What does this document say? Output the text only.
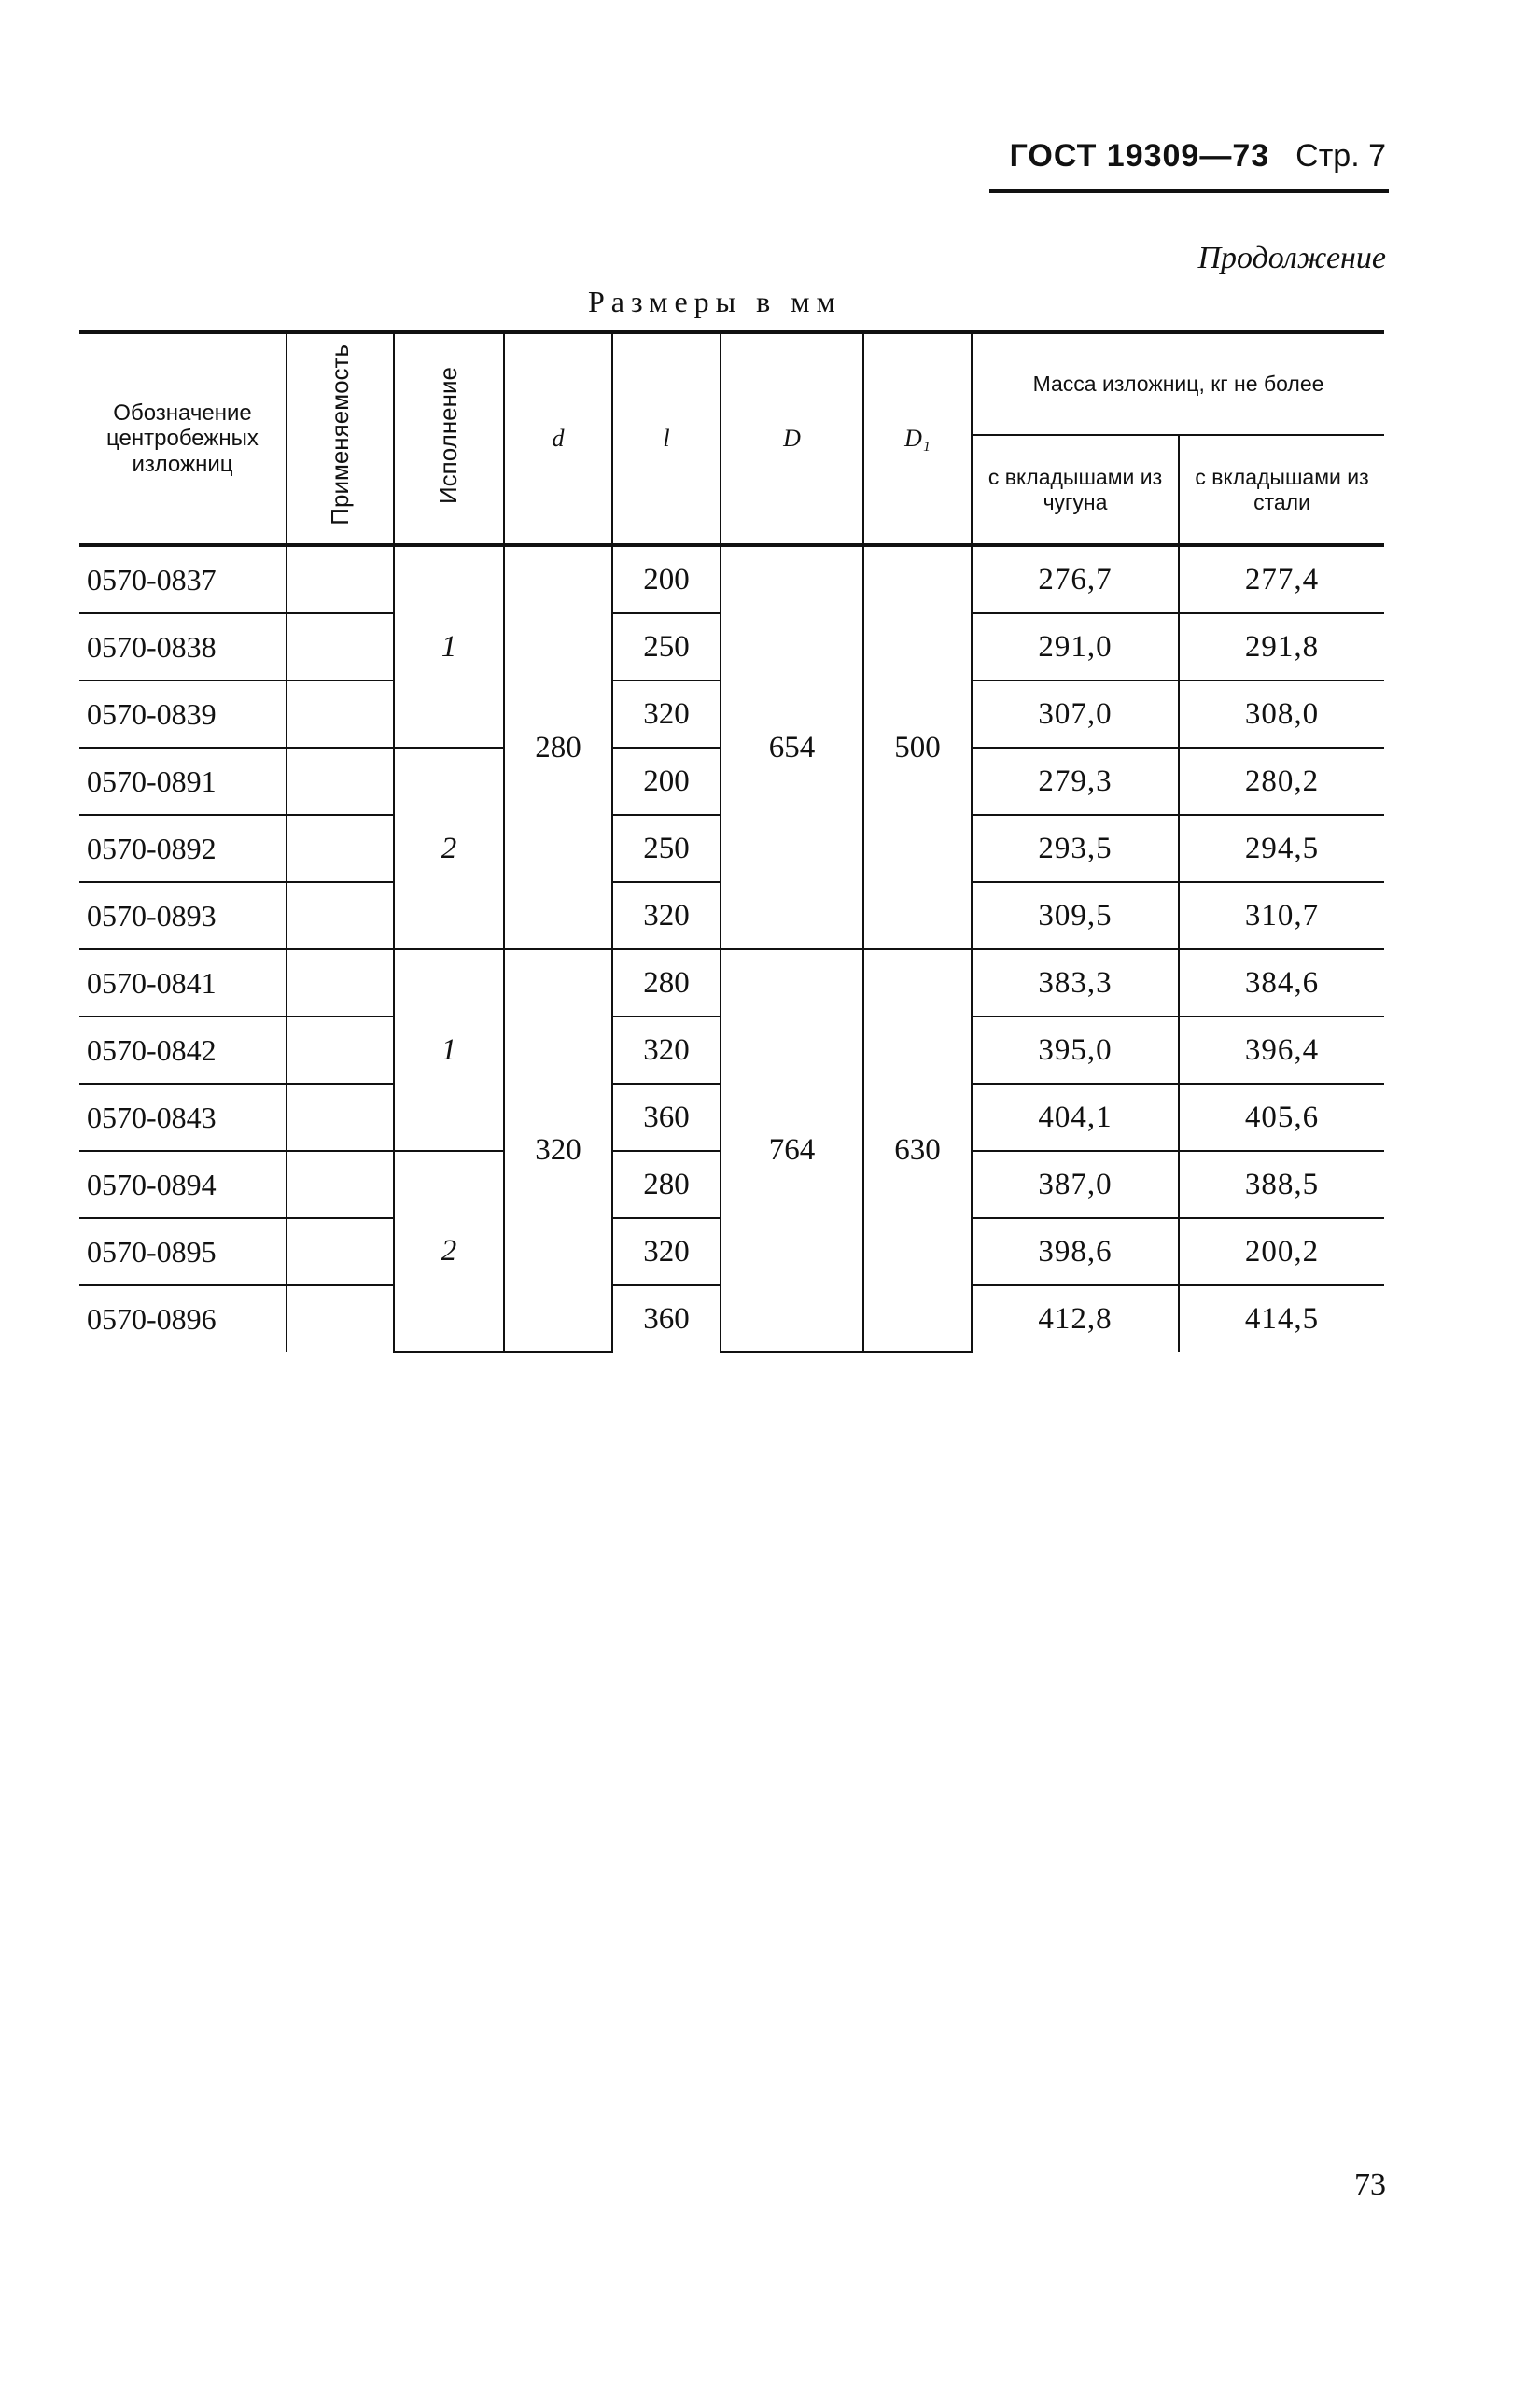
ГОСТ 19309—73 Стр. 7
Продолжение
Размеры в мм
Обозначение центробежных изложниц	Применяемость	Исполнение	d	l	D	D₁	Масса изложниц, кг не более	
							с вкладышами из чугуна	с вкладышами из стали
0570-0837		1	280	200	654	500	276,7	277,4
0570-0838				250			291,0	291,8
0570-0839				320			307,0	308,0
0570-0891		2		200			279,3	280,2
0570-0892				250			293,5	294,5
0570-0893				320			309,5	310,7
0570-0841		1	320	280	764	630	383,3	384,6
0570-0842				320			395,0	396,4
0570-0843				360			404,1	405,6
0570-0894		2		280			387,0	388,5
0570-0895				320			398,6	200,2
0570-0896				360			412,8	414,5
73
